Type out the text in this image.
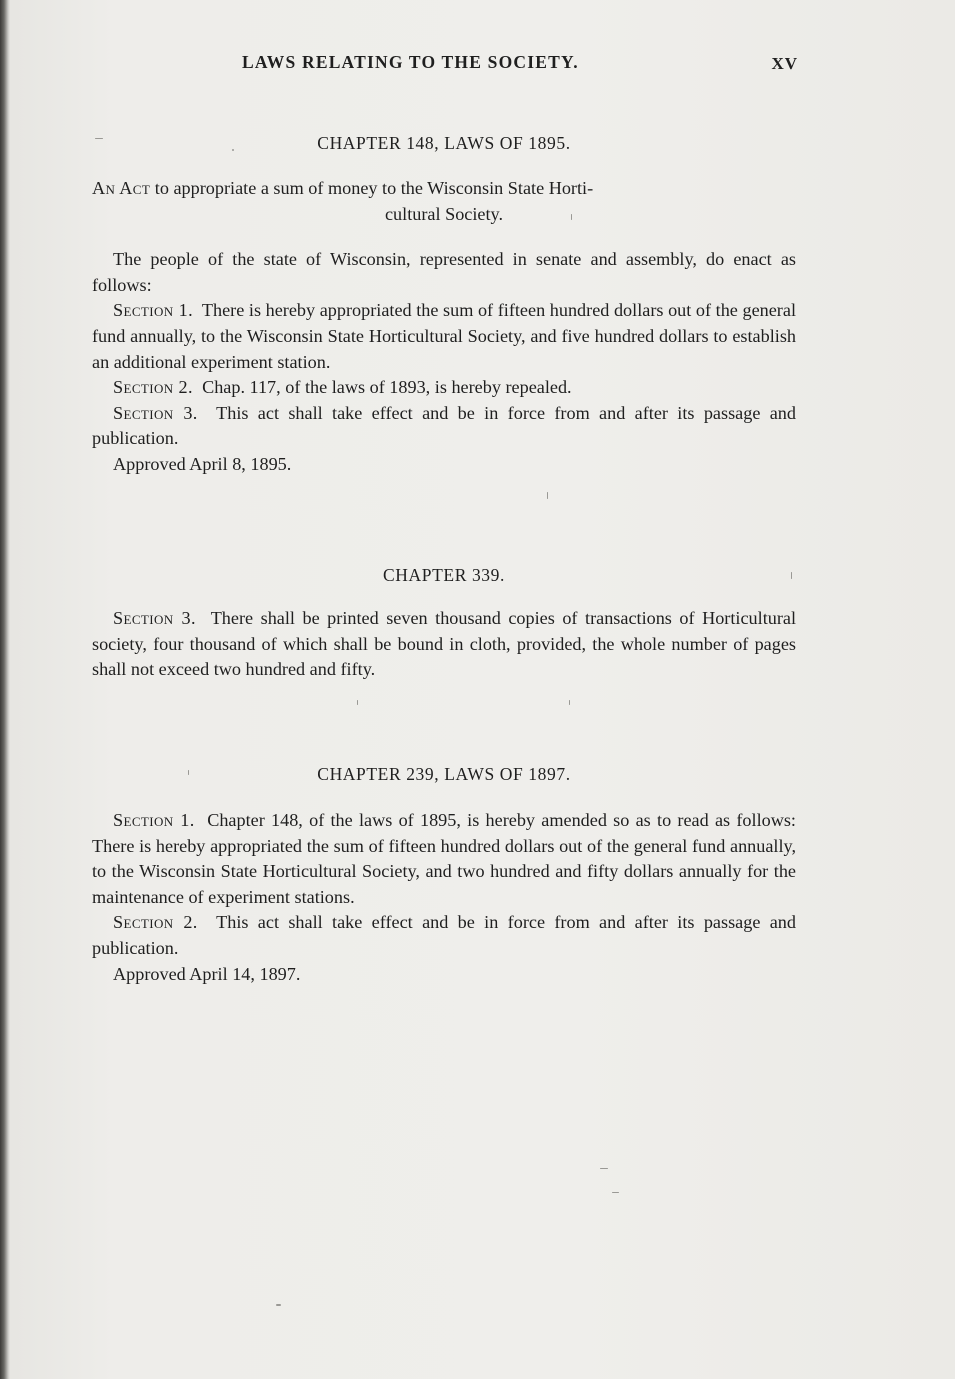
LAWS RELATING TO THE SOCIETY.	XV
CHAPTER 148, LAWS OF 1895.

An Act to appropriate a sum of money to the Wisconsin State Horti-

cultural Society.

The people of the state of Wisconsin, represented in senate and assembly, do enact as follows:

Section 1. There is hereby appropriated the sum of fifteen hundred dollars out of the general fund annually, to the Wisconsin State Horticultural Society, and five hundred dollars to establish an additional experiment station.

Section 2. Chap. 117, of the laws of 1893, is hereby repealed.

Section 3. This act shall take effect and be in force from and after its passage and publication.

Approved April 8, 1895.

CHAPTER 339.

Section 3. There shall be printed seven thousand copies of transactions of Horticultural society, four thousand of which shall be bound in cloth, provided, the whole number of pages shall not exceed two hundred and fifty.

CHAPTER 239, LAWS OF 1897.

Section 1. Chapter 148, of the laws of 1895, is hereby amended so as to read as follows: There is hereby appropriated the sum of fifteen hundred dollars out of the general fund annually, to the Wisconsin State Horticultural Society, and two hundred and fifty dollars annually for the maintenance of experiment stations.

Section 2. This act shall take effect and be in force from and after its passage and publication.

Approved April 14, 1897.
